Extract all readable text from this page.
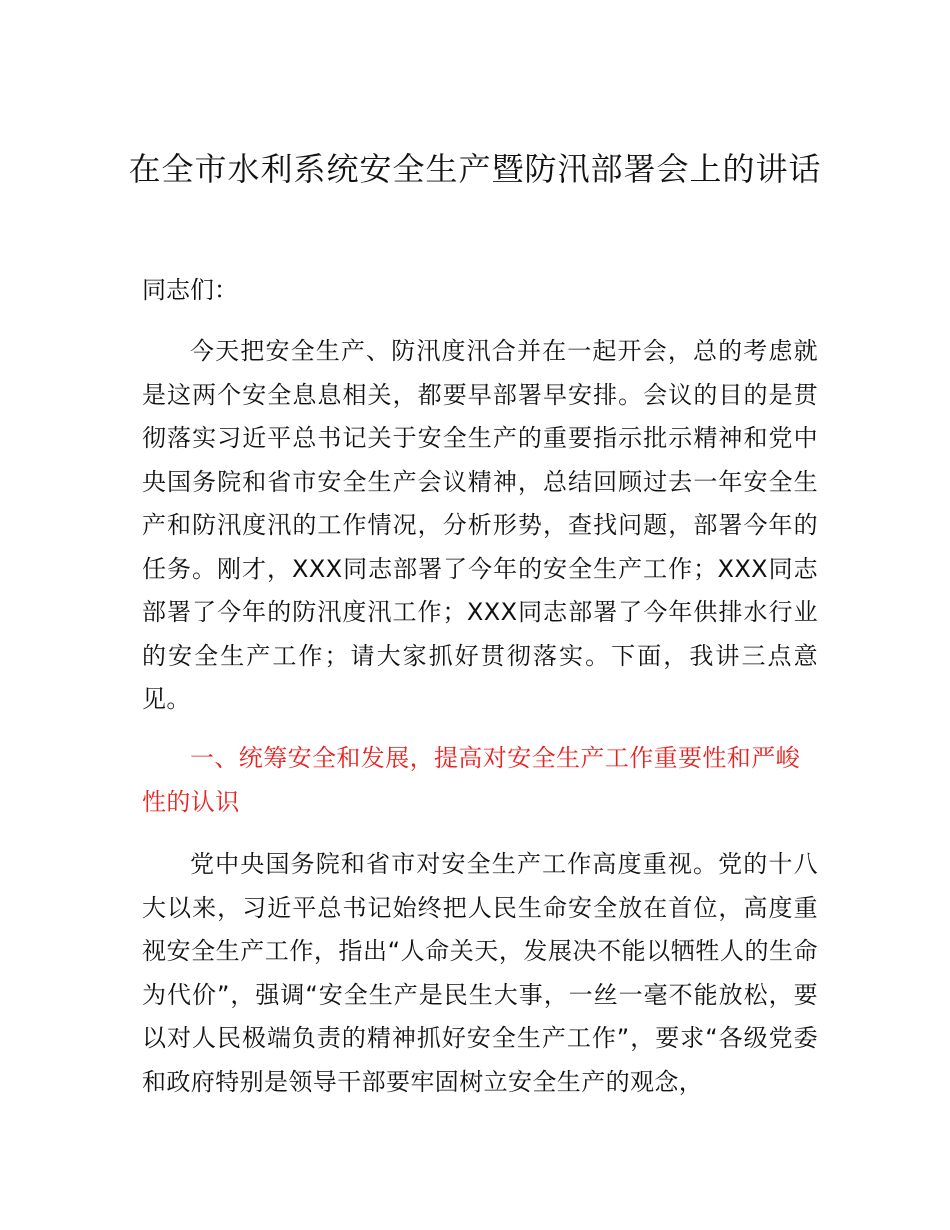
在全市水利系统安全生产暨防汛部署会上的讲话

同志们：

今天把安全生产、防汛度汛合并在一起开会，总的考虑就是这两个安全息息相关，都要早部署早安排。会议的目的是贯彻落实习近平总书记关于安全生产的重要指示批示精神和党中央国务院和省市安全生产会议精神，总结回顾过去一年安全生产和防汛度汛的工作情况，分析形势，查找问题，部署今年的任务。刚才，XXX同志部署了今年的安全生产工作；XXX同志部署了今年的防汛度汛工作；XXX同志部署了今年供排水行业的安全生产工作；请大家抓好贯彻落实。下面，我讲三点意见。

一、统筹安全和发展，提高对安全生产工作重要性和严峻性的认识

党中央国务院和省市对安全生产工作高度重视。党的十八大以来，习近平总书记始终把人民生命安全放在首位，高度重视安全生产工作，指出“人命关天，发展决不能以牺牲人的生命为代价”，强调“安全生产是民生大事，一丝一毫不能放松，要以对人民极端负责的精神抓好安全生产工作”，要求“各级党委和政府特别是领导干部要牢固树立安全生产的观念，
